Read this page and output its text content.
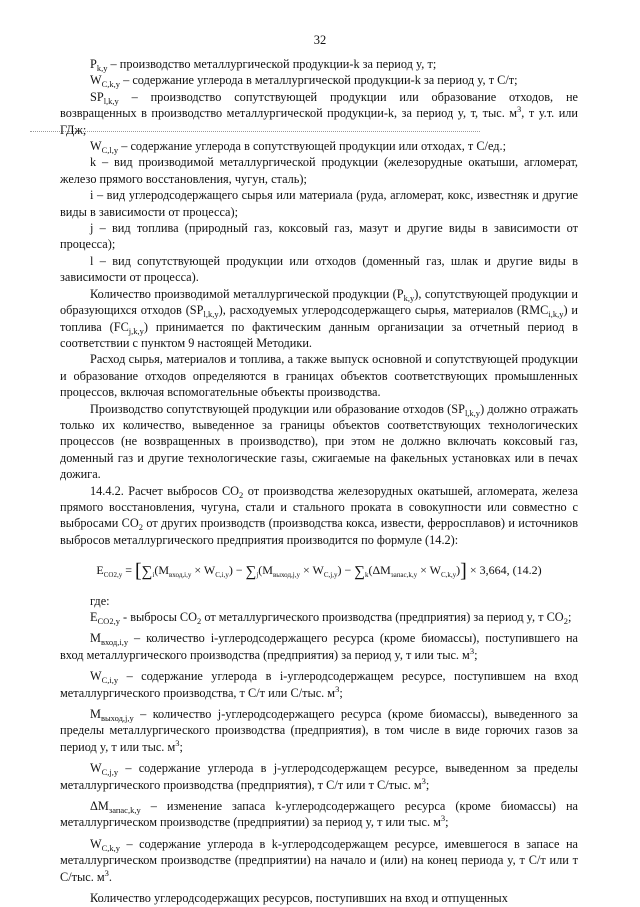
32

$P_{k,y}$ – производство металлургической продукции-k за период y, т;

$W_{C,k,y}$ – содержание углерода в металлургической продукции-k за период y, т С/т;

$SP_{l,k,y}$ – производство сопутствующей продукции или образование отходов, не возвращенных в производство металлургической продукции-k, за период y, т, тыс. $м^3$, т у.т. или ГДж;

$W_{C,l,y}$ – содержание углерода в сопутствующей продукции или отходах, т С/ед.;

k – вид производимой металлургической продукции (железорудные окатыши, агломерат, железо прямого восстановления, чугун, сталь);

i – вид углеродсодержащего сырья или материала (руда, агломерат, кокс, известняк и другие виды в зависимости от процесса);

j – вид топлива (природный газ, коксовый газ, мазут и другие виды в зависимости от процесса);

l – вид сопутствующей продукции или отходов (доменный газ, шлак и другие виды в зависимости от процесса).

Количество производимой металлургической продукции $(P_{k,y})$, сопутствующей продукции и образующихся отходов $(SP_{l,k,y})$, расходуемых углеродсодержащего сырья, материалов $(RMC_{i,k,y})$ и топлива $(FC_{j,k,y})$ принимается по фактическим данным организации за отчетный период в соответствии с пунктом 9 настоящей Методики.

Расход сырья, материалов и топлива, а также выпуск основной и сопутствующей продукции и образование отходов определяются в границах объектов соответствующих промышленных процессов, включая вспомогательные объекты производства.

Производство сопутствующей продукции или образование отходов $(SP_{l,k,y})$ должно отражать только их количество, выведенное за границы объектов соответствующих технологических процессов (не возвращенных в производство), при этом не должно включать коксовый газ, доменный газ и другие технологические газы, сжигаемые на факельных установках или в печах дожига.

14.4.2. Расчет выбросов $CO_2$ от производства железорудных окатышей, агломерата, железа прямого восстановления, чугуна, стали и стального проката в совокупности или совместно с выбросами $CO_2$ от других производств (производства кокса, извести, ферросплавов) и источников выбросов металлургического предприятия производится по формуле (14.2):

$E_{CO2,y} = [\sum_i(M_{вход,i,y} \times W_{C,i,y}) - \sum_j(M_{выход,j,y} \times W_{C,j,y}) - \sum_k(\Delta M_{запас,k,y} \times W_{C,k,y})] \times 3,664$, (14.2)

где:

$E_{CO2,y}$ - выбросы $CO_2$ от металлургического производства (предприятия) за период y, т $CO_2$;

$M_{вход,i,y}$ – количество i-углеродсодержащего ресурса (кроме биомассы), поступившего на вход металлургического производства (предприятия) за период y, т или тыс. $м^3$;

$W_{C,i,y}$ – содержание углерода в i-углеродсодержащем ресурсе, поступившем на вход металлургического производства, т С/т или С/тыс. $м^3$;

$M_{выход,j,y}$ – количество j-углеродсодержащего ресурса (кроме биомассы), выведенного за пределы металлургического производства (предприятия), в том числе в виде горючих газов за период y, т или тыс. $м^3$;

$W_{C,j,y}$ – содержание углерода в j-углеродсодержащем ресурсе, выведенном за пределы металлургического производства (предприятия), т С/т или т С/тыс. $м^3$;

$\Delta M_{запас,k,y}$ – изменение запаса k-углеродсодержащего ресурса (кроме биомассы) на металлургическом производстве (предприятии) за период y, т или тыс. $м^3$;

$W_{C,k,y}$ – содержание углерода в k-углеродсодержащем ресурсе, имевшегося в запасе на металлургическом производстве (предприятии) на начало и (или) на конец периода y, т С/т или т С/тыс. $м^3$.

Количество углеродсодержащих ресурсов, поступивших на вход и отпущенных
